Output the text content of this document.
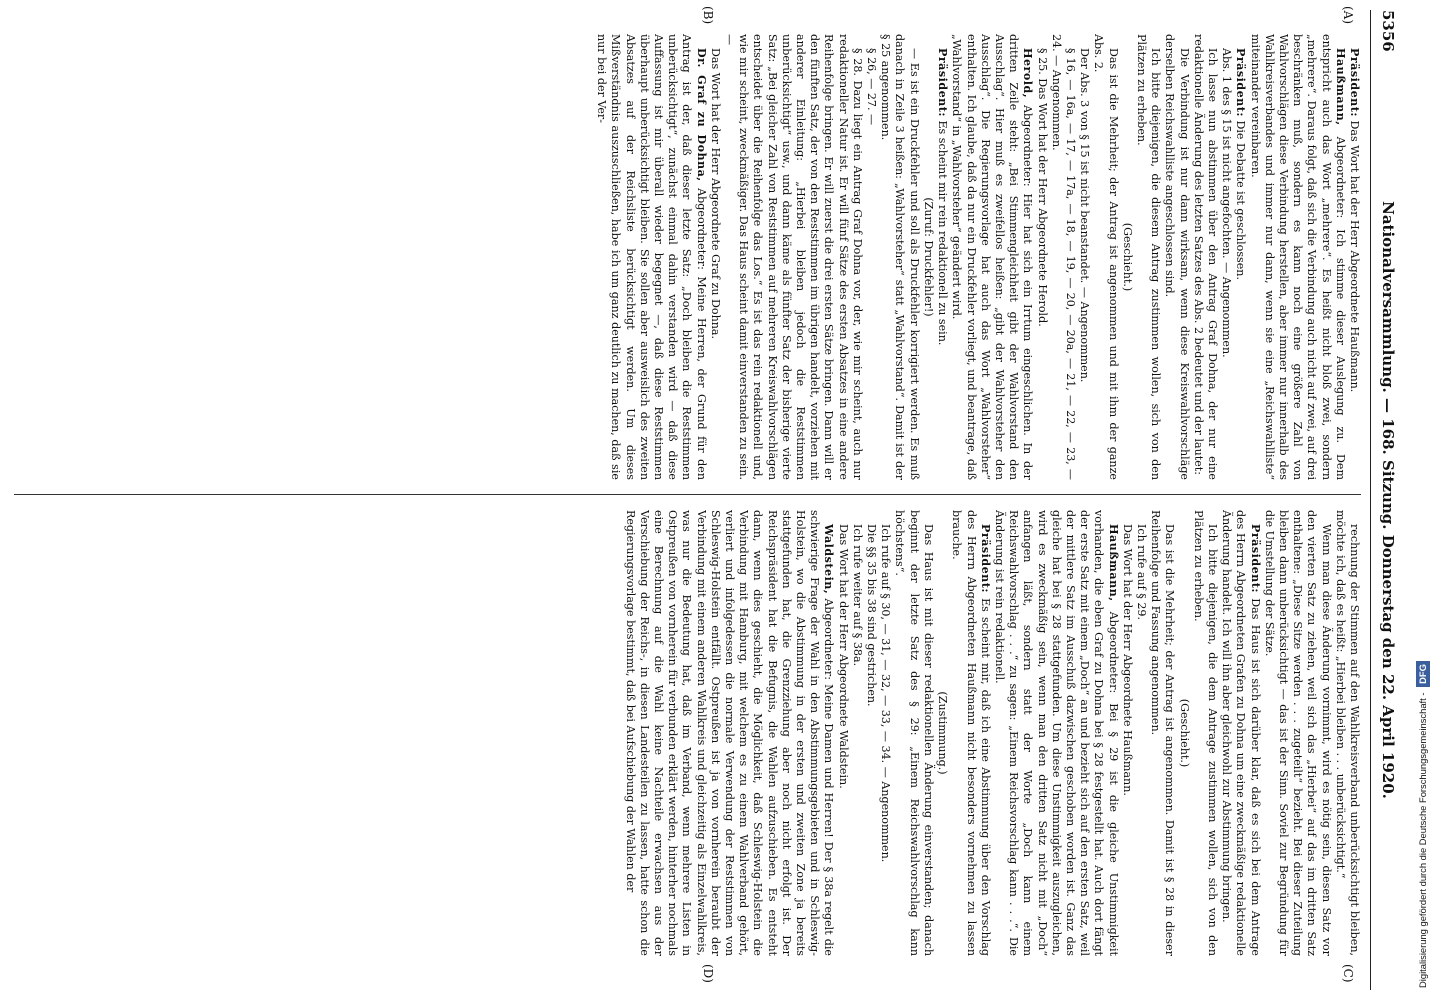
5356
Nationalversammlung. — 168. Sitzung. Donnerstag den 22. April 1920.

Präsident: Das Wort hat der Herr Abgeordnete Haußmann.

Haußmann, Abgeordneter: Ich stimme dieser Auslegung zu. Dem entspricht auch das Wort „mehrere“. Es heißt nicht bloß zwei, sondern „mehrere“. Daraus folgt, daß sich die Verbindung auch nicht auf zwei, auf drei beschränken muß, sondern es kann noch eine größere Zahl von Wahlvorschlägen diese Verbindung herstellen, aber immer nur innerhalb des Wahlkreisverbandes und immer nur dann, wenn sie eine „Reichswahlliste“ miteinander vereinbaren.

Präsident: Die Debatte ist geschlossen.

Abs. 1 des § 15 ist nicht angefochten. — Angenommen.

Ich lasse nun abstimmen über den Antrag Graf Dohna, der nur eine redaktionelle Änderung des letzten Satzes des Abs. 2 bedeutet und der lautet:

Die Verbindung ist nur dann wirksam, wenn diese Kreiswahlvorschläge derselben Reichswahlliste angeschlossen sind.

Ich bitte diejenigen, die diesem Antrag zustimmen wollen, sich von den Plätzen zu erheben.

(Geschieht.)

Das ist die Mehrheit; der Antrag ist angenommen und mit ihm der ganze Abs. 2.

Der Abs. 3 von § 15 ist nicht beanstandet. — Angenommen.

§ 16, — 16a, — 17, — 17a, — 18, — 19, — 20, — 20a, — 21, — 22, — 23, — 24. — Angenommen.

§ 25. Das Wort hat der Herr Abgeordnete Herold.

Herold, Abgeordneter: Hier hat sich ein Irrtum eingeschlichen. In der dritten Zeile steht: „Bei Stimmengleichheit gibt der Wahlvorstand den Ausschlag“. Hier muß es zweifellos heißen: „gibt der Wahlvorsteher den Ausschlag“. Die Regierungsvorlage hat auch das Wort „Wahlvorsteher“ enthalten. Ich glaube, daß da nur ein Druckfehler vorliegt, und beantrage, daß „Wahlvorstand“ in „Wahlvorsteher“ geändert wird.

Präsident: Es scheint mir rein redaktionell zu sein.

(Zuruf: Druckfehler!)

— Es ist ein Druckfehler und soll als Druckfehler korrigiert werden. Es muß danach in Zeile 3 heißen: „Wahlvorsteher“ statt „Wahlvorstand“. Damit ist der § 25 angenommen.

§ 26, — 27. —

§ 28. Dazu liegt ein Antrag Graf Dohna vor, der, wie mir scheint, auch nur redaktioneller Natur ist. Er will fünf Sätze des ersten Absatzes in eine andere Reihenfolge bringen. Er will zuerst die drei ersten Sätze bringen. Dann will er den fünften Satz, der von den Reststimmen im übrigen handelt, vorziehen mit anderer Einleitung: „Hierbei bleiben jedoch die Reststimmen unberücksichtigt“ usw., und dann käme als fünfter Satz der bisherige vierte Satz: „Bei gleicher Zahl von Reststimmen auf mehreren Kreiswahlvorschlägen entscheidet über die Reihenfolge das Los.“ Es ist das rein redaktionell und, wie mir scheint, zweckmäßiger. Das Haus scheint damit einverstanden zu sein. —

Das Wort hat der Herr Abgeordnete Graf zu Dohna.

Dr. Graf zu Dohna, Abgeordneter: Meine Herren, der Grund für den Antrag ist der, daß dieser letzte Satz: „Doch bleiben die Reststimmen unberücksichtigt“, zunächst einmal dahin verstanden wird — daß diese Auffassung ist mir überall wieder begegnet —, daß diese Reststimmen überhaupt unberücksichtigt bleiben. Sie sollen aber ausweislich des zweiten Absatzes auf der Reichsliste berücksichtigt werden. Um dieses Mißverständnis auszuschließen, habe ich um ganz deutlich zu machen, daß sie nur bei der Ver-

rechnung der Stimmen auf den Wahlkreisverband unberücksichtigt bleiben, möchte ich, daß es heißt: „Hierbei bleiben . . . unberücksichtigt.“

Wenn man diese Änderung vornimmt, wird es nötig sein, diesen Satz vor den vierten Satz zu ziehen, weil sich das „Hierbei“ auf das im dritten Satz enthaltene: „Diese Sitze werden . . . zugeteilt“ bezieht. Bei dieser Zuteilung bleiben dann unberücksichtigt — das ist der Sinn. Soviel zur Begründung für die Umstellung der Sätze.

Präsident: Das Haus ist sich darüber klar, daß es sich bei dem Antrage des Herrn Abgeordneten Grafen zu Dohna um eine zweckmäßige redaktionelle Änderung handelt. Ich will ihn aber gleichwohl zur Abstimmung bringen.

Ich bitte diejenigen, die dem Antrage zustimmen wollen, sich von den Plätzen zu erheben.

(Geschieht.)

Das ist die Mehrheit; der Antrag ist angenommen. Damit ist § 28 in dieser Reihenfolge und Fassung angenommen.

Ich rufe auf § 29.

Das Wort hat der Herr Abgeordnete Haußmann.

Haußmann, Abgeordneter: Bei § 29 ist die gleiche Unstimmigkeit vorhanden, die eben Graf zu Dohna bei § 28 festgestellt hat. Auch dort fängt der erste Satz mit einem „Doch“ an und bezieht sich auf den ersten Satz, weil der mittlere Satz im Ausschuß dazwischen geschoben worden ist. Ganz das gleiche hat bei § 28 stattgefunden. Um diese Unstimmigkeit auszugleichen, wird es zweckmäßig sein, wenn man den dritten Satz nicht mit „Doch“ anfangen läßt, sondern statt der Worte „Doch kann einem Reichswahlvorschlag . . .“ zu sagen: „Einem Reichsvorschlag kann . . .“. Die Änderung ist rein redaktionell.

Präsident: Es scheint mir, daß ich eine Abstimmung über den Vorschlag des Herrn Abgeordneten Haußmann nicht besonders vornehmen zu lassen brauche.

(Zustimmung.)

Das Haus ist mit dieser redaktionellen Änderung einverstanden; danach beginnt der letzte Satz des § 29: „Einem Reichswahlvorschlag kann höchstens“.

Ich rufe auf § 30, — 31, — 32, — 33, — 34. — Angenommen.

Die §§ 35 bis 38 sind gestrichen.

Ich rufe weiter auf § 38a.

Das Wort hat der Herr Abgeordnete Waldstein.

Waldstein, Abgeordneter: Meine Damen und Herren! Der § 38a regelt die schwierige Frage der Wahl in den Abstimmungsgebieten und in Schleswig-Holstein, wo die Abstimmung in der ersten und zweiten Zone ja bereits stattgefunden hat, die Grenzziehung aber noch nicht erfolgt ist. Der Reichspräsident hat die Befugnis, die Wahlen aufzuschieben. Es entsteht dann, wenn dies geschieht, die Möglichkeit, daß Schleswig-Holstein die Verbindung mit Hamburg, mit welchem es zu einem Wahlverband gehört, verliert und infolgedessen die normale Verwendung der Reststimmen von Schleswig-Holstein entfällt. Ostpreußen ist ja von vornherein beraubt der Verbindung mit einem anderen Wahlkreis und gleichzeitig als Einzelwahlkreis, was nur die Bedeutung hat, daß im Verband, wenn mehrere Listen in Ostpreußen von vornherein für verbunden erklärt werden, hinterher nochmals eine Berechnung auf die Wahl keine Nachteile erwachsen aus der Verschiebung der Reichs-, in diesen Landesteilen zu lassen, hatte schon die Regierungsvorlage bestimmt, daß bei Aufschiebung der Wahlen der

(A)
(B)
(C)
(D)	Digitalisierung gefördert durch die Deutsche Forschungsgemeinschaft - DFG
